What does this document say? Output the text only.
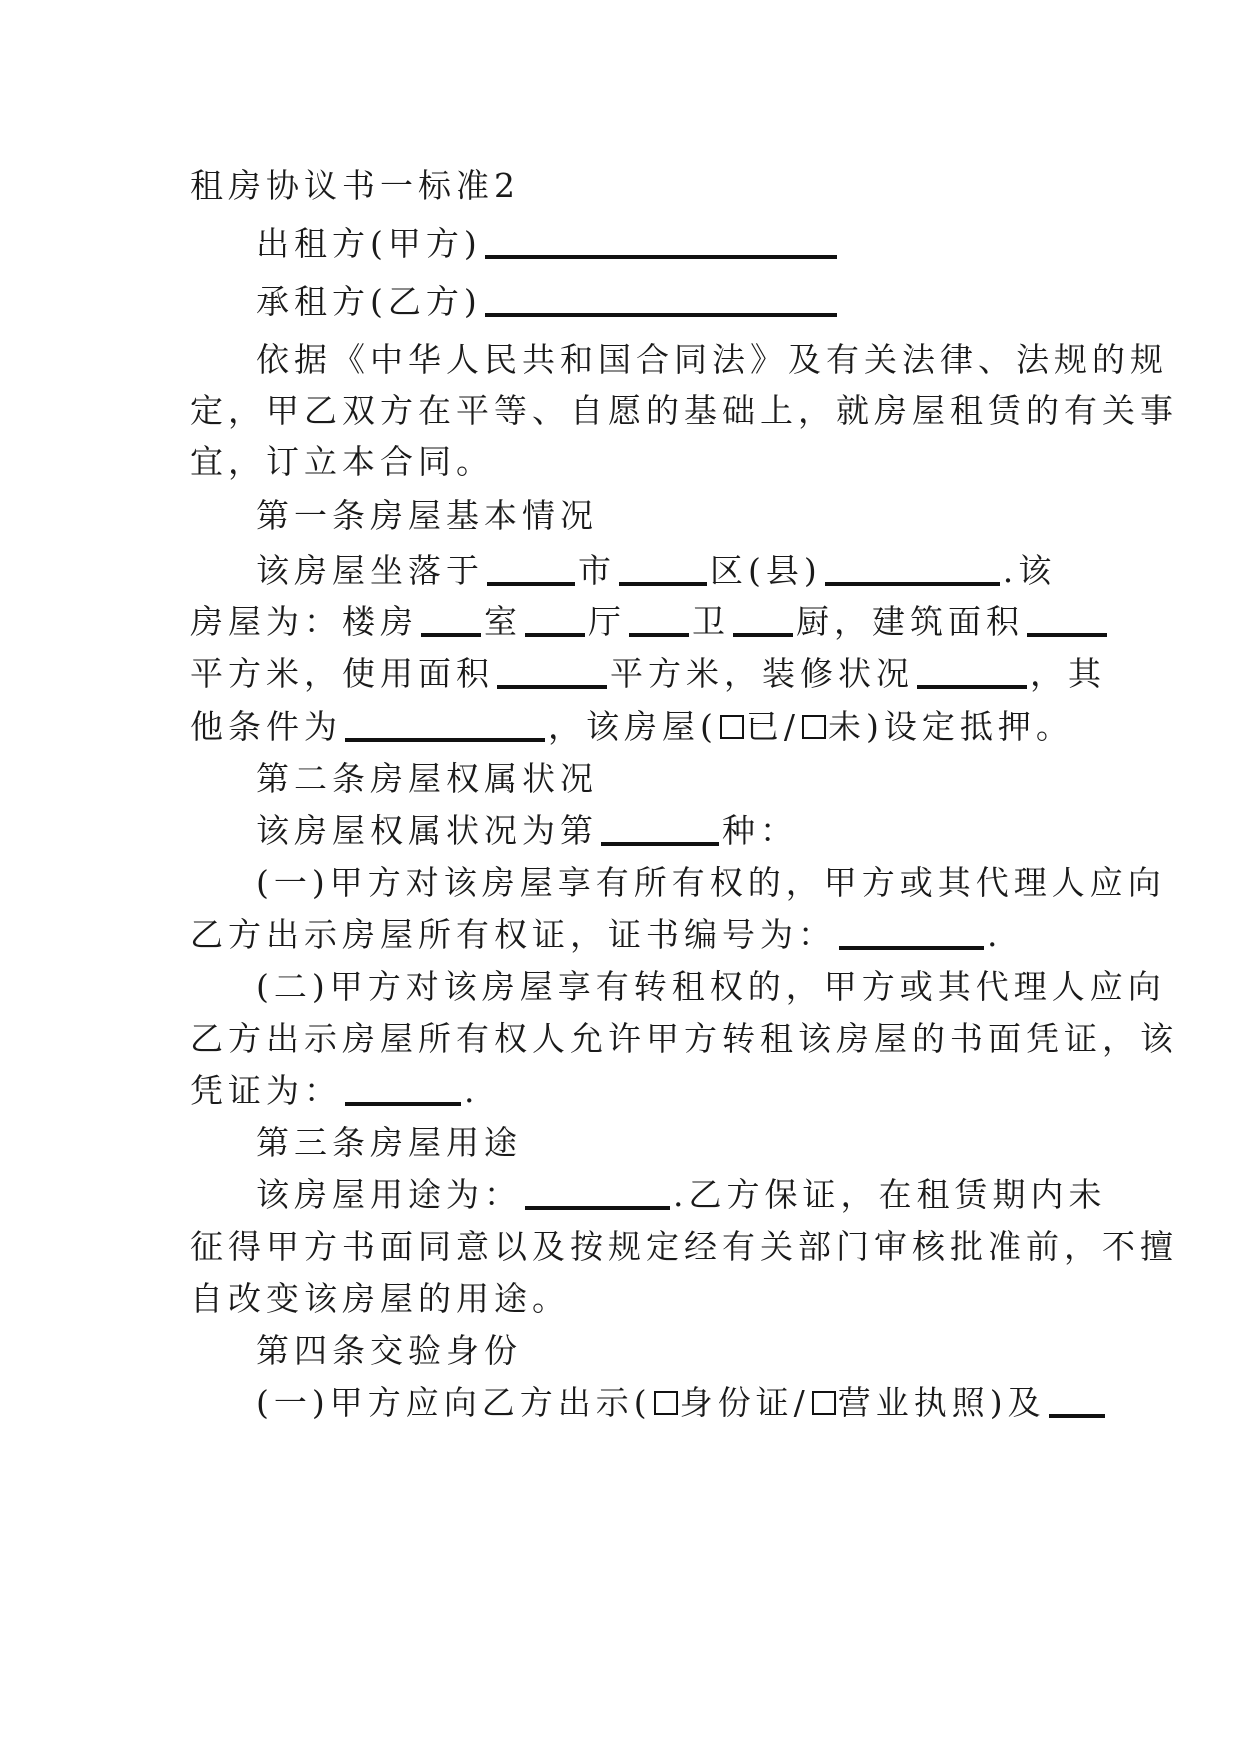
租房协议书一标准2
出租方(甲方)
承租方(乙方)
依据《中华人民共和国合同法》及有关法律、法规的规
定，甲乙双方在平等、自愿的基础上，就房屋租赁的有关事
宜，订立本合同。
第一条房屋基本情况
该房屋坐落于	市	区(县)	.该
房屋为：楼房 室 厅 卫 厨，建筑面积
平方米，使用面积	平方米，装修状况	，其
他条件为	，该房屋( 已/ 未)设定抵押。
第二条房屋权属状况
该房屋权属状况为第	种：
(一)甲方对该房屋享有所有权的，甲方或其代理人应向
乙方出示房屋所有权证，证书编号为：	.
(二)甲方对该房屋享有转租权的，甲方或其代理人应向
乙方出示房屋所有权人允许甲方转租该房屋的书面凭证，该
凭证为：	.
第三条房屋用途
该房屋用途为：	.乙方保证，在租赁期内未
征得甲方书面同意以及按规定经有关部门审核批准前，不擅
自改变该房屋的用途。
第四条交验身份
(一)甲方应向乙方出示( 身份证/ 营业执照)及
